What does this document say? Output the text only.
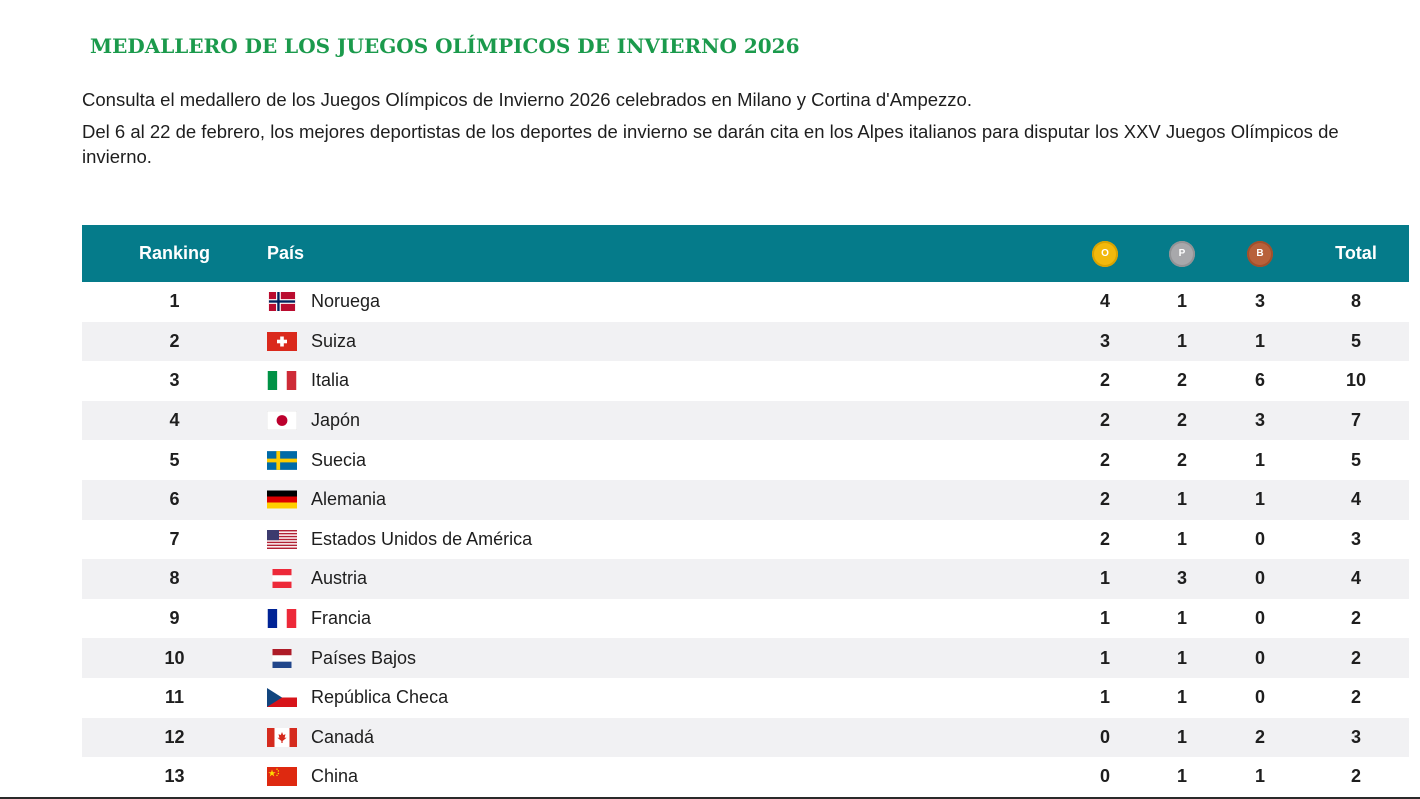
MEDALLERO DE LOS JUEGOS OLÍMPICOS DE INVIERNO 2026

Consulta el medallero de los Juegos Olímpicos de Invierno 2026 celebrados en Milano y Cortina d'Ampezzo.

Del 6 al 22 de febrero, los mejores deportistas de los deportes de invierno se darán cita en los Alpes italianos para disputar los XXV Juegos Olímpicos de invierno.

Ranking	País	O	P	B	Total
1	Noruega	4	1	3	8
2	Suiza	3	1	1	5
3	Italia	2	2	6	10
4	Japón	2	2	3	7
5	Suecia	2	2	1	5
6	Alemania	2	1	1	4
7	Estados Unidos de América	2	1	0	3
8	Austria	1	3	0	4
9	Francia	1	1	0	2
10	Países Bajos	1	1	0	2
11	República Checa	1	1	0	2
12	Canadá	0	1	2	3
13	China	0	1	1	2
